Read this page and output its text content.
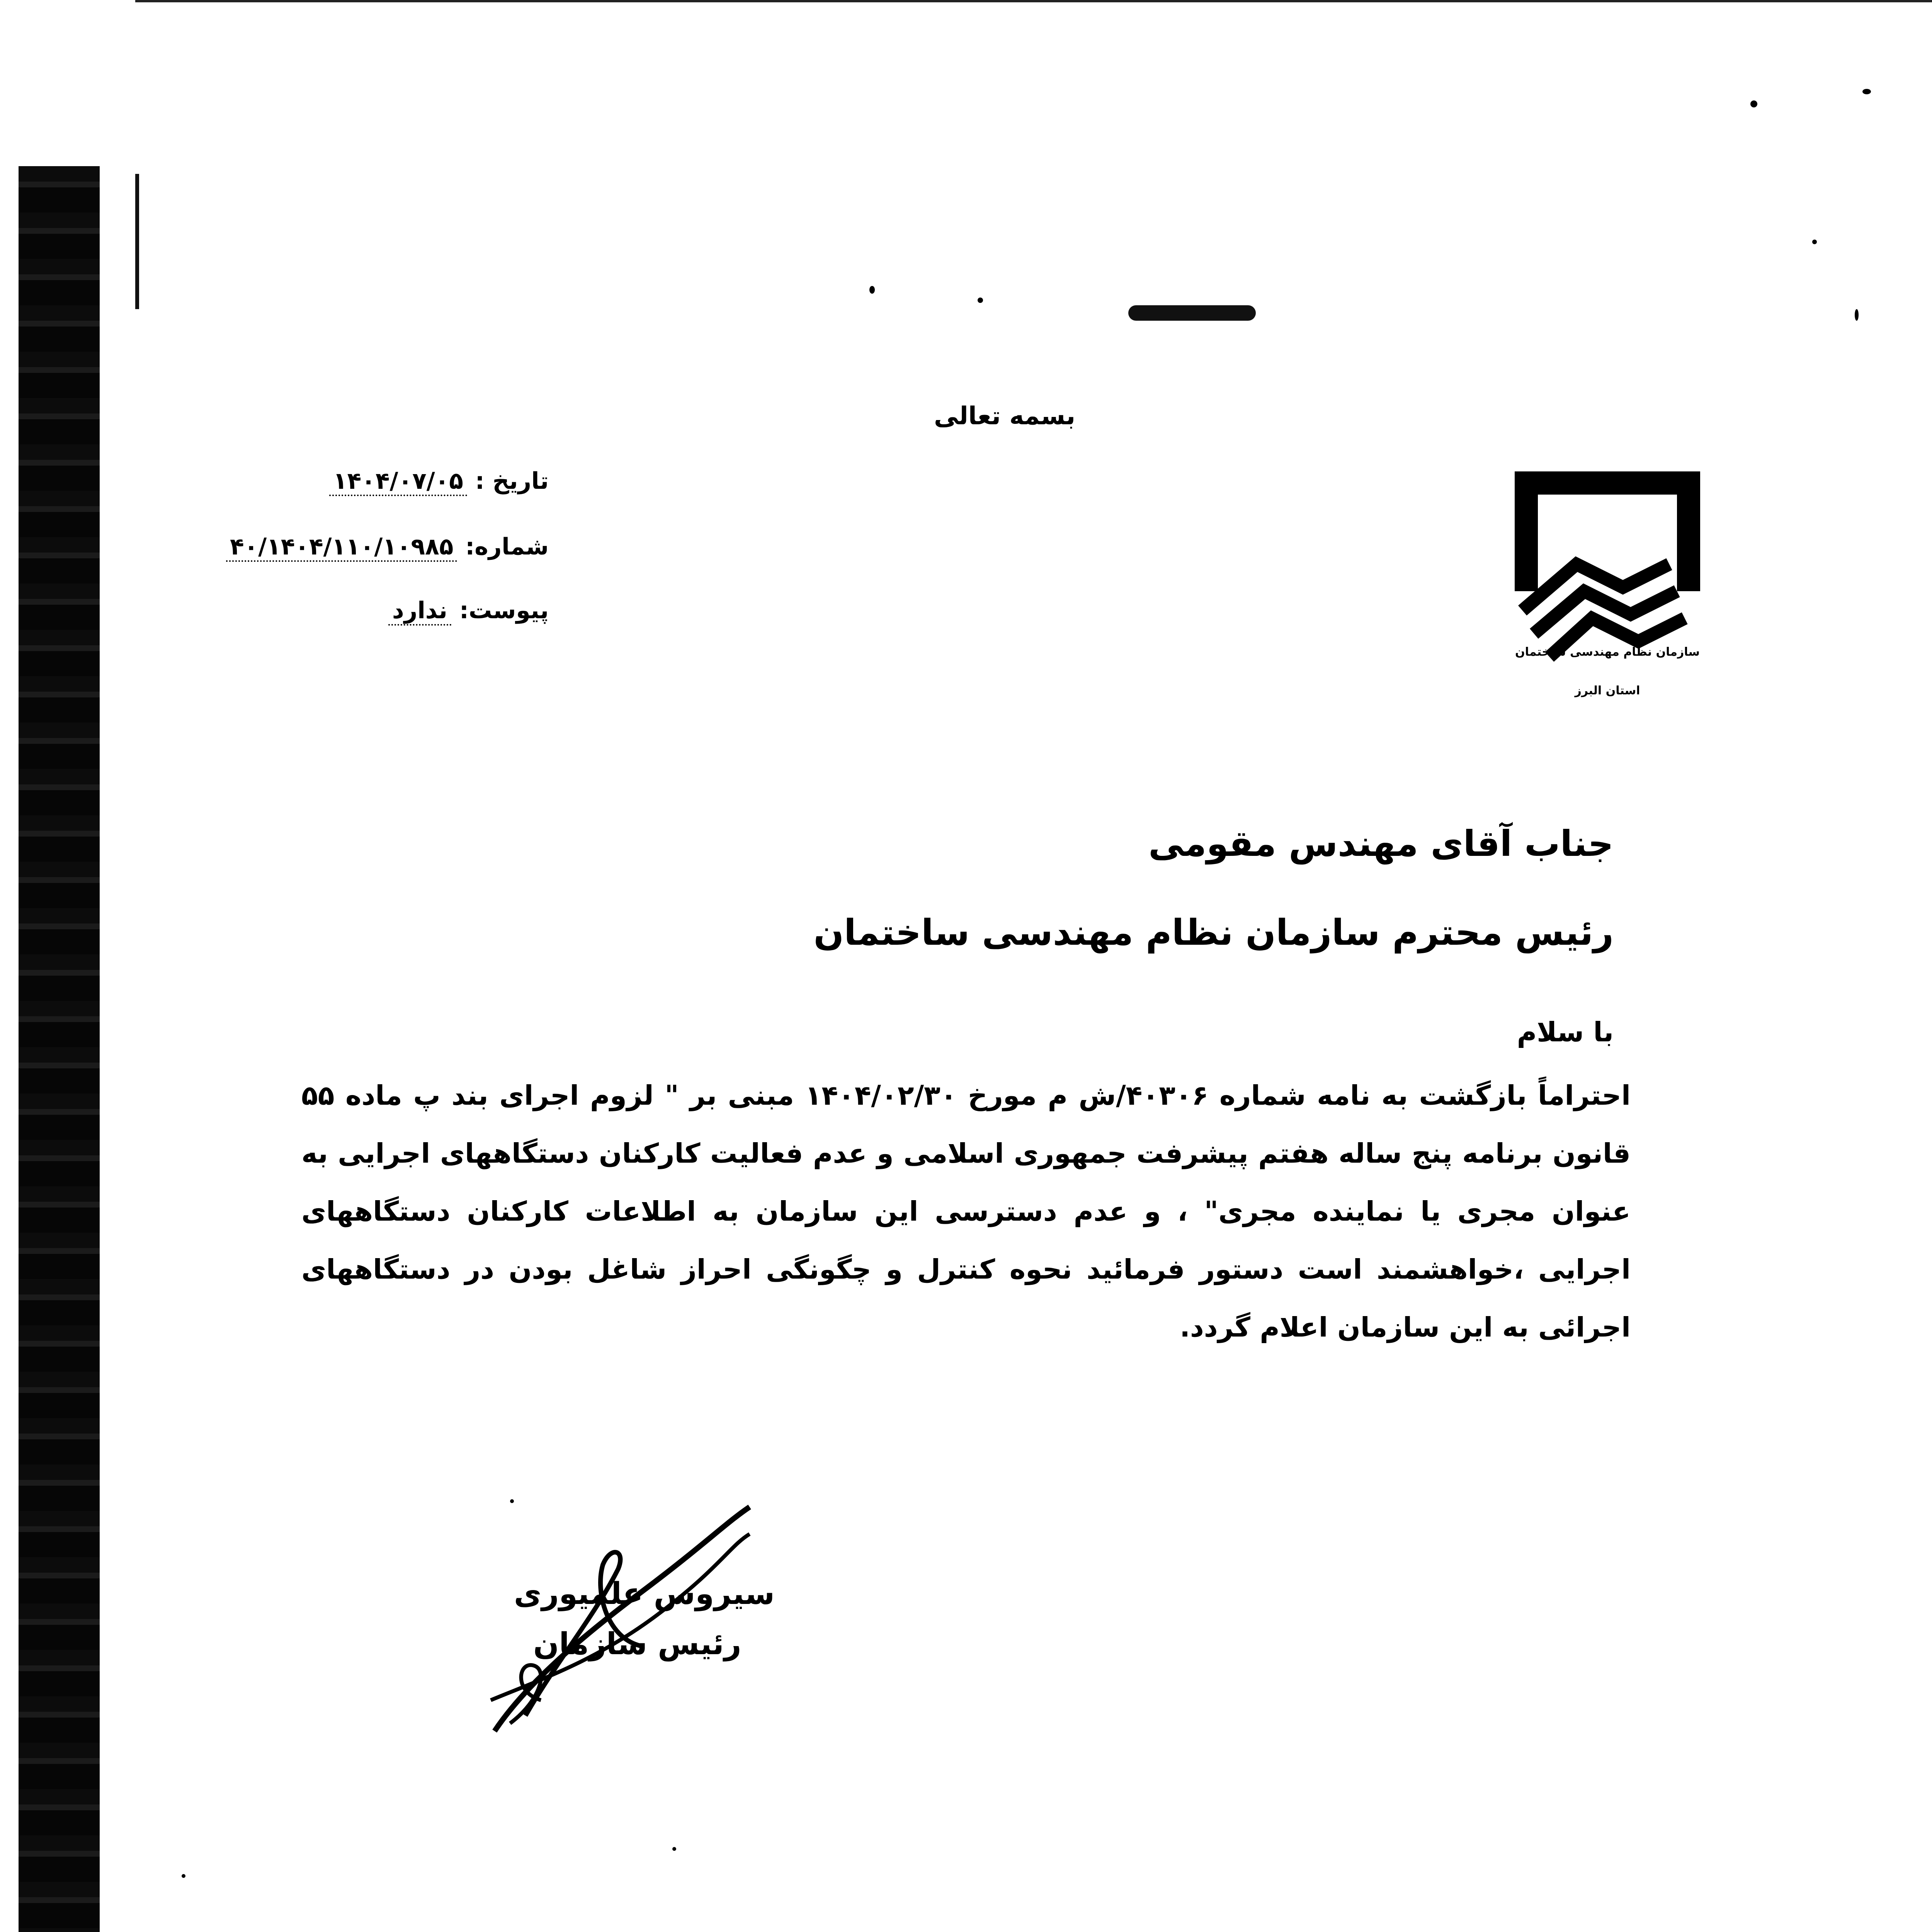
بسمه تعالی
تاریخ : ۱۴۰۴/۰۷/۰۵
شماره: ۴۰/۱۴۰۴/۱۱۰/۱۰۹۸۵
پیوست: ندارد
سازمان نظام مهندسی ساختمان
استان البرز
جناب آقای مهندس مقومی
رئیس محترم سازمان نظام مهندسی ساختمان
با سلام
احتراماً بازگشت به نامه شماره ۴۰۳۰۶/ش م مورخ ۱۴۰۴/۰۲/۳۰ مبنی بر " لزوم اجرای بند پ ماده ۵۵ قانون برنامه پنج ساله هفتم پیشرفت جمهوری اسلامی و عدم فعالیت کارکنان دستگاههای اجرایی به عنوان مجری یا نماینده مجری" ، و عدم دسترسی این سازمان به اطلاعات کارکنان دستگاههای اجرایی ،خواهشمند است دستور فرمائید نحوه کنترل و چگونگی احراز شاغل بودن در دستگاههای اجرائی به این سازمان اعلام گردد.
سیروس علمیوری
رئیس سازمان
